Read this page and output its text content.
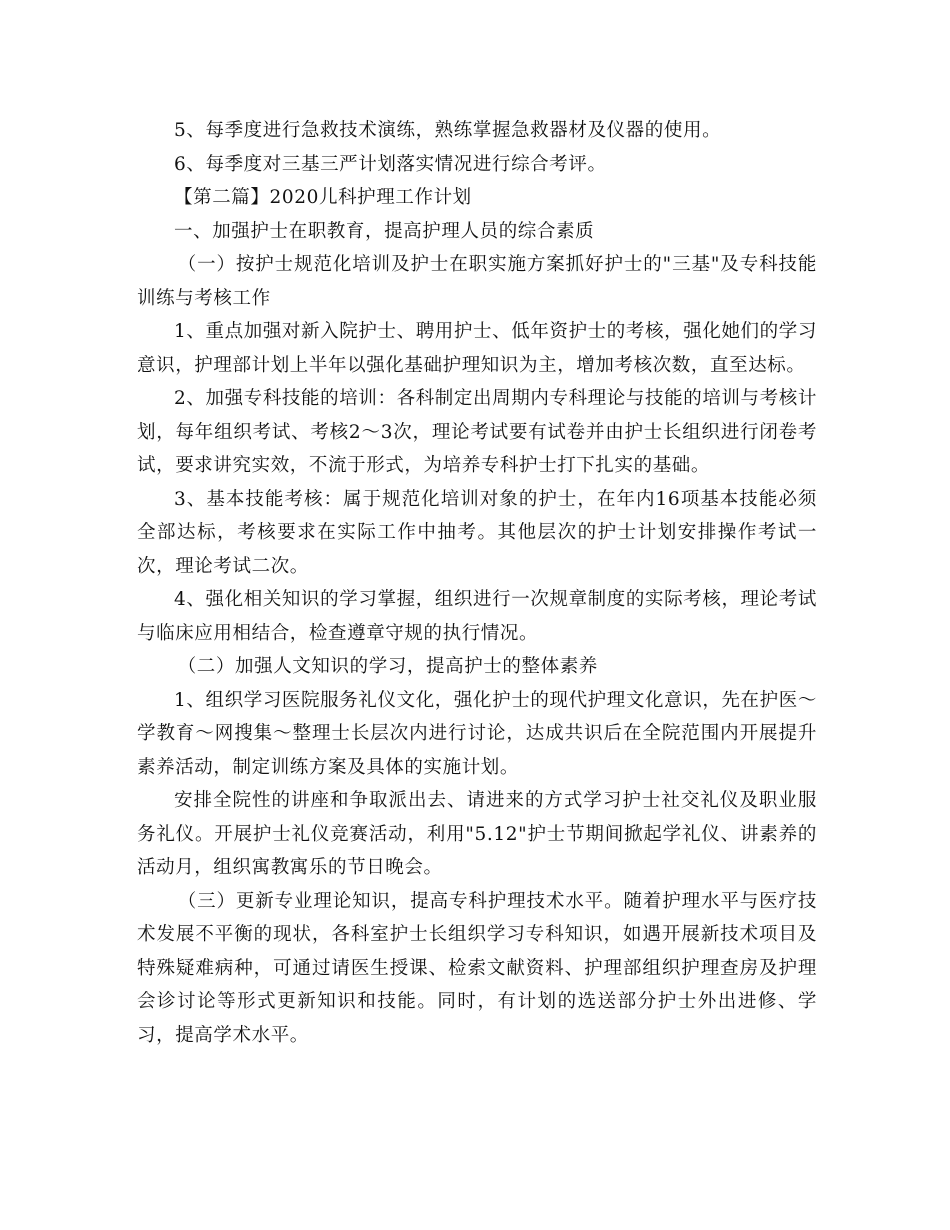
5、每季度进行急救技术演练，熟练掌握急救器材及仪器的使用。

6、每季度对三基三严计划落实情况进行综合考评。

【第二篇】2020儿科护理工作计划

一、加强护士在职教育，提高护理人员的综合素质

（一）按护士规范化培训及护士在职实施方案抓好护士的"三基"及专科技能训练与考核工作

1、重点加强对新入院护士、聘用护士、低年资护士的考核，强化她们的学习意识，护理部计划上半年以强化基础护理知识为主，增加考核次数，直至达标。

2、加强专科技能的培训：各科制定出周期内专科理论与技能的培训与考核计划，每年组织考试、考核2～3次，理论考试要有试卷并由护士长组织进行闭卷考试，要求讲究实效，不流于形式，为培养专科护士打下扎实的基础。

3、基本技能考核：属于规范化培训对象的护士，在年内16项基本技能必须全部达标，考核要求在实际工作中抽考。其他层次的护士计划安排操作考试一次，理论考试二次。

4、强化相关知识的学习掌握，组织进行一次规章制度的实际考核，理论考试与临床应用相结合，检查遵章守规的执行情况。

（二）加强人文知识的学习，提高护士的整体素养

1、组织学习医院服务礼仪文化，强化护士的现代护理文化意识，先在护医～学教育～网搜集～整理士长层次内进行讨论，达成共识后在全院范围内开展提升素养活动，制定训练方案及具体的实施计划。

安排全院性的讲座和争取派出去、请进来的方式学习护士社交礼仪及职业服务礼仪。开展护士礼仪竞赛活动，利用"5.12"护士节期间掀起学礼仪、讲素养的活动月，组织寓教寓乐的节日晚会。

（三）更新专业理论知识，提高专科护理技术水平。随着护理水平与医疗技术发展不平衡的现状，各科室护士长组织学习专科知识，如遇开展新技术项目及特殊疑难病种，可通过请医生授课、检索文献资料、护理部组织护理查房及护理会诊讨论等形式更新知识和技能。同时，有计划的选送部分护士外出进修、学习，提高学术水平。
